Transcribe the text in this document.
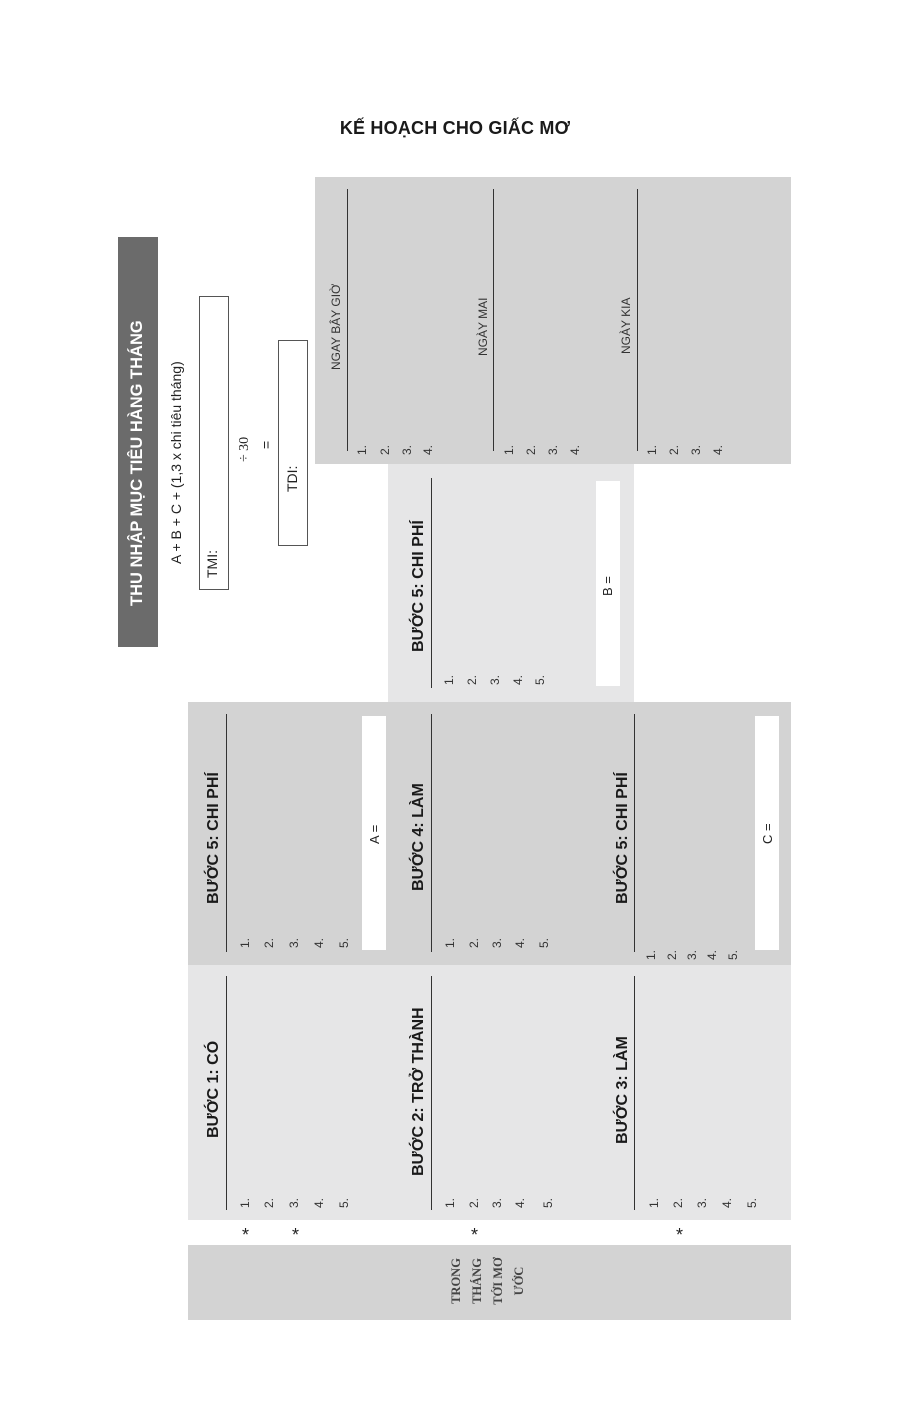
KẾ HOẠCH CHO GIẤC MƠ
THU NHẬP MỤC TIÊU HÀNG THÁNG A + B + C + (1,3 x chi tiêu tháng) TMI:
÷ 30 =
TDI:
NGAY BÂY GIỜ	NGÀY MAI	NGÀY KIA
1. 2. 3. 4.	1. 2. 3. 4.	1. 2. 3. 4.
BƯỚC 5: CHI PHÍ
1. 2. 3. 4. 5.
B =
BƯỚC 5: CHI PHÍ	BƯỚC 4: LÀM	BƯỚC 5: CHI PHÍ
1. 2. 3. 4. 5.
A =
1. 2. 3. 4. 5.
1. 2. 3. 4. 5.
C =
BƯỚC 1: CÓ	BƯỚC 2: TRỞ THÀNH	BƯỚC 3: LÀM
1. 2. 3. 4. 5.	1. 2. 3. 4. 5.	1. 2. 3. 4. 5.
* *	*	*
TRONG THÁNG TỚI MƠ ƯỚC
